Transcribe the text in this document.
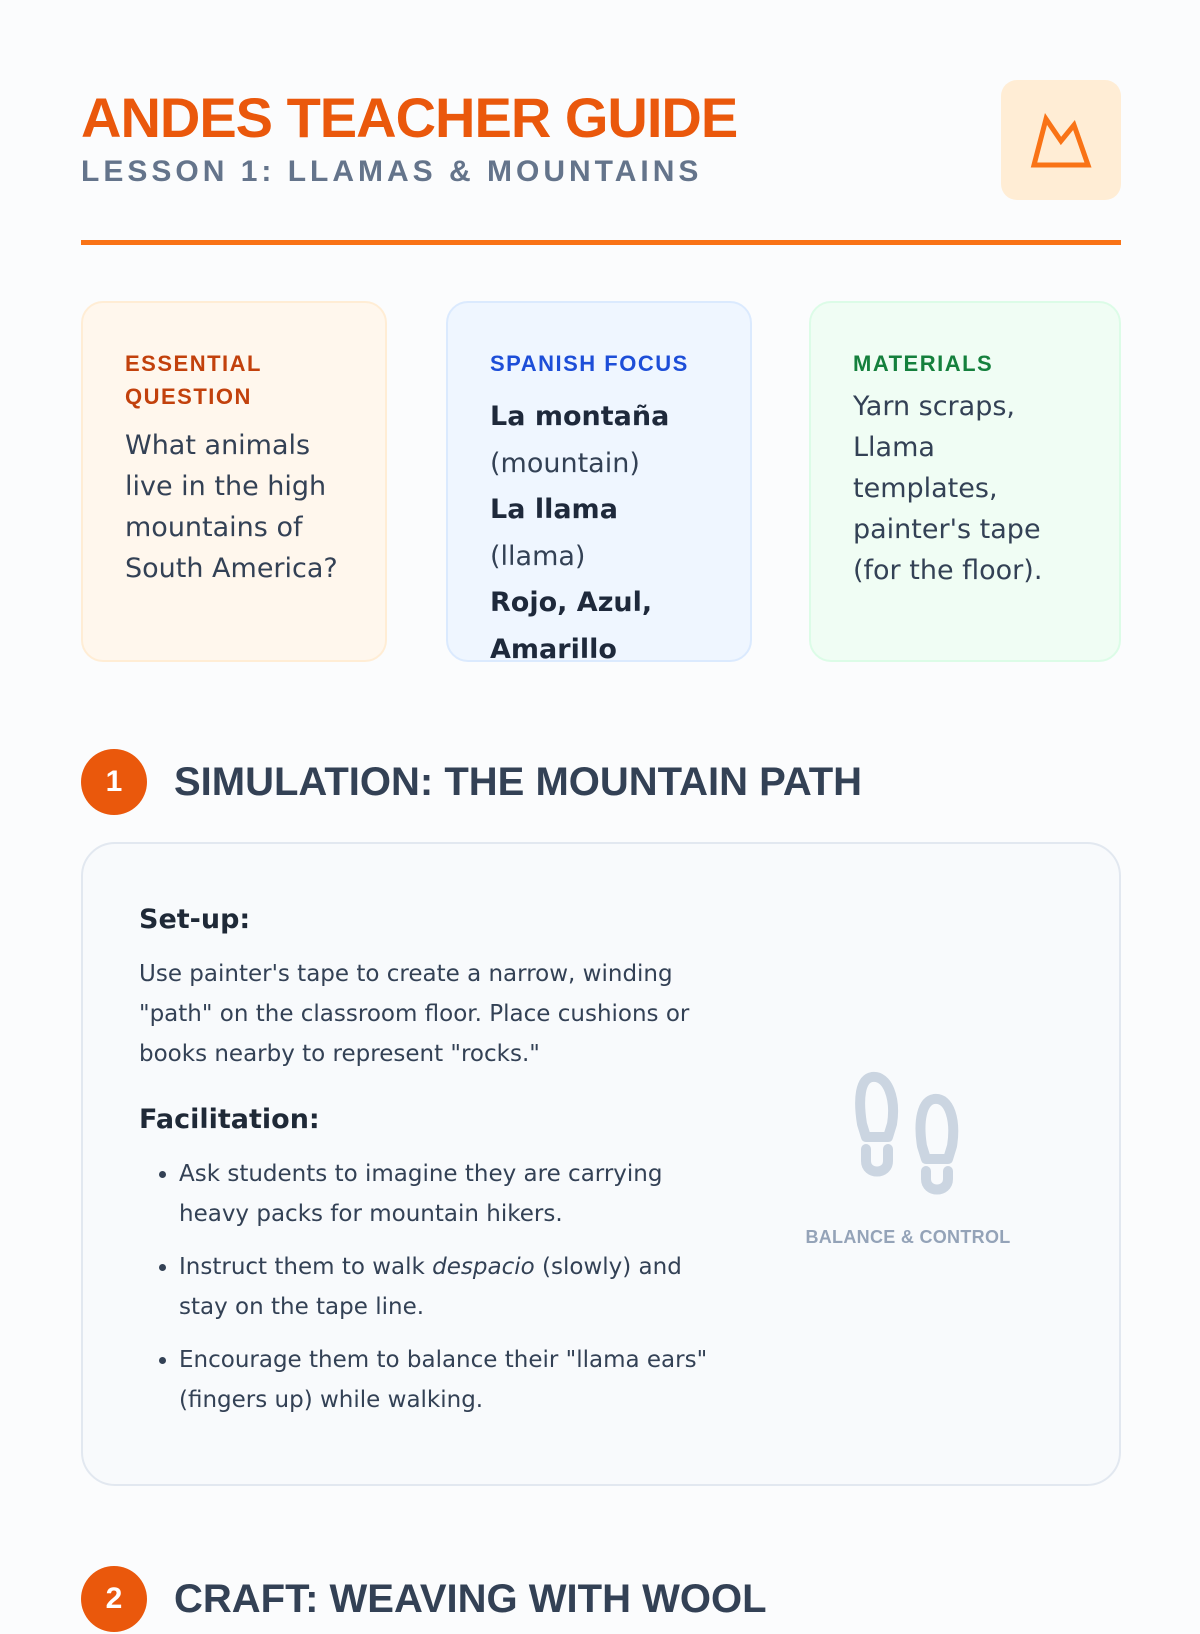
ANDES TEACHER GUIDE
LESSON 1: LLAMAS & MOUNTAINS
ESSENTIAL
QUESTION
What animals live in the high mountains of South America?
SPANISH FOCUS
La montaña
(mountain)
La llama (llama)
Rojo, Azul, Amarillo
MATERIALS
Yarn scraps, Llama templates, painter's tape (for the floor).
1	SIMULATION: THE MOUNTAIN PATH

Set-up:

Use painter's tape to create a narrow, winding "path" on the classroom floor. Place cushions or books nearby to represent "rocks."

Facilitation:

• Ask students to imagine they are carrying heavy packs for mountain hikers.
• Instruct them to walk despacio (slowly) and stay on the tape line.
• Encourage them to balance their "llama ears" (fingers up) while walking.
BALANCE & CONTROL
2	CRAFT: WEAVING WITH WOOL
